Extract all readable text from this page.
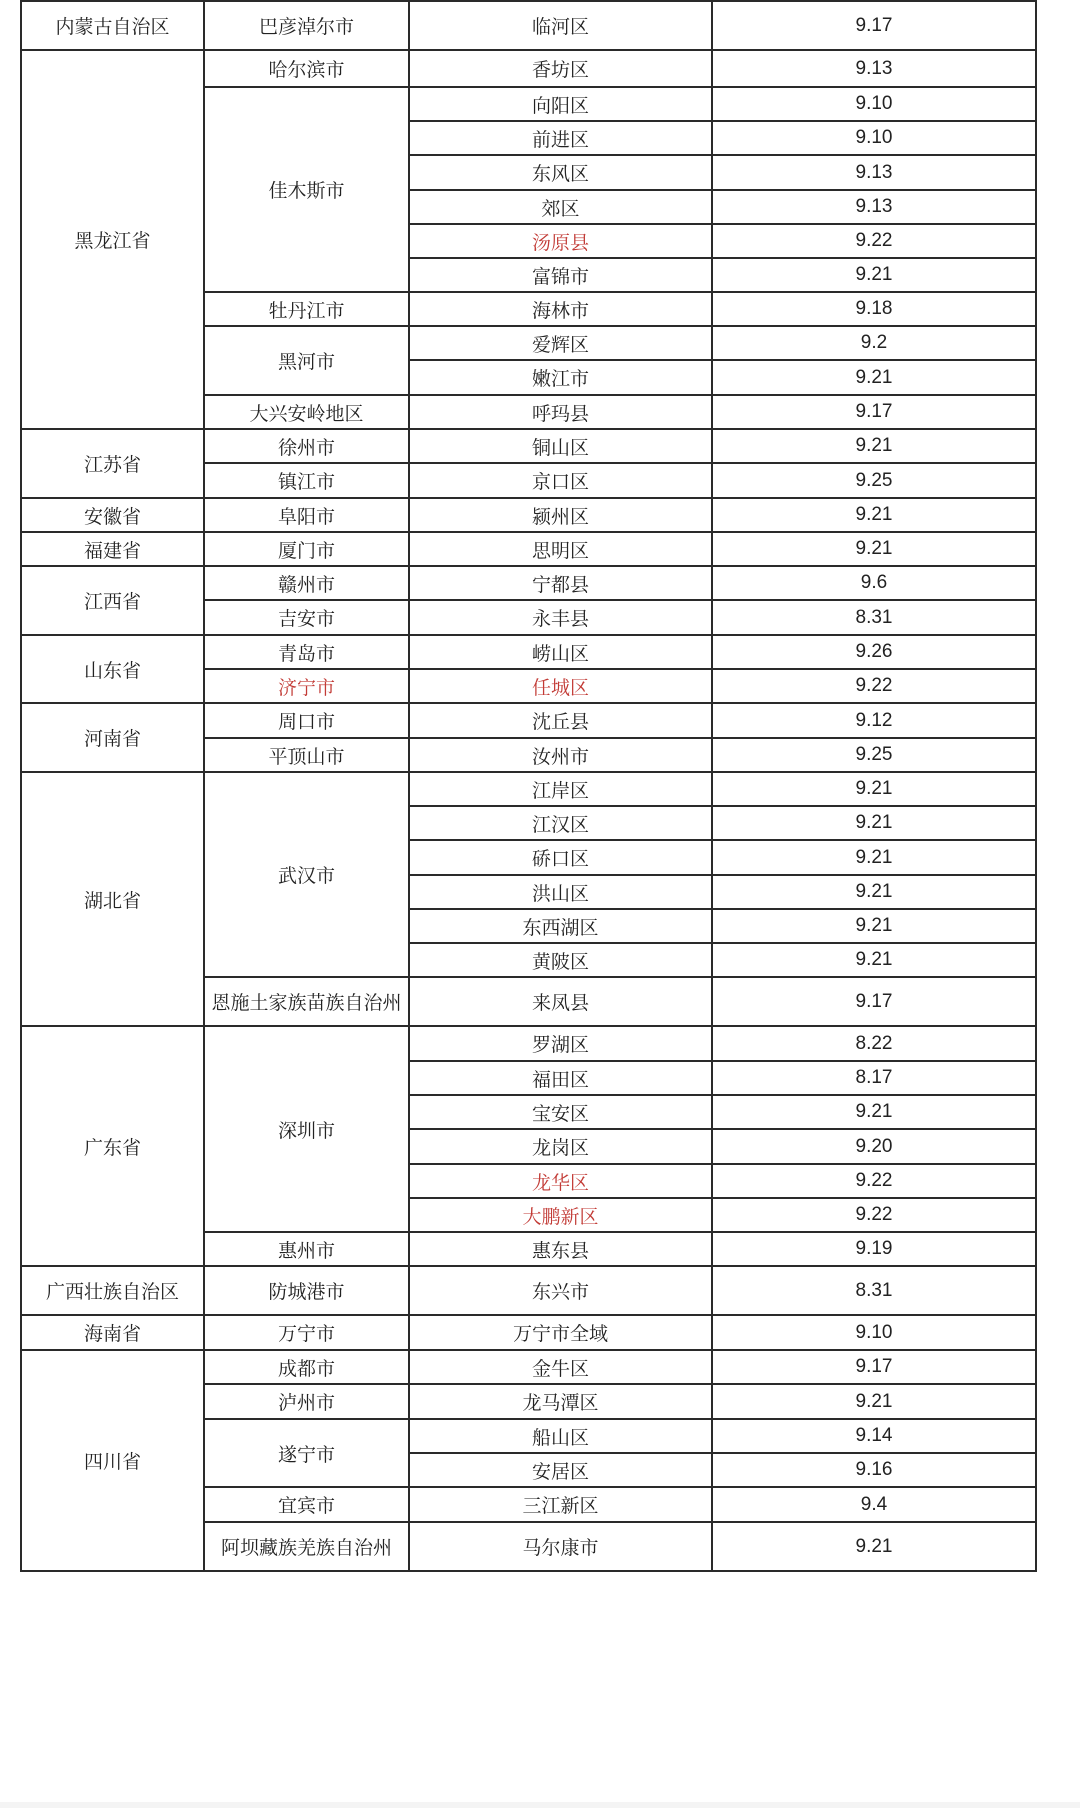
内蒙古自治区	巴彦淖尔市	临河区	9.17
黑龙江省	哈尔滨市	香坊区	9.13
	佳木斯市	向阳区	9.10
		前进区	9.10
		东风区	9.13
		郊区	9.13
		汤原县	9.22
		富锦市	9.21
	牡丹江市	海林市	9.18
	黑河市	爱辉区	9.2
		嫩江市	9.21
	大兴安岭地区	呼玛县	9.17
江苏省	徐州市	铜山区	9.21
	镇江市	京口区	9.25
安徽省	阜阳市	颍州区	9.21
福建省	厦门市	思明区	9.21
江西省	赣州市	宁都县	9.6
	吉安市	永丰县	8.31
山东省	青岛市	崂山区	9.26
	济宁市	任城区	9.22
河南省	周口市	沈丘县	9.12
	平顶山市	汝州市	9.25
湖北省	武汉市	江岸区	9.21
		江汉区	9.21
		硚口区	9.21
		洪山区	9.21
		东西湖区	9.21
		黄陂区	9.21
	恩施土家族苗族自治州	来凤县	9.17
广东省	深圳市	罗湖区	8.22
		福田区	8.17
		宝安区	9.21
		龙岗区	9.20
		龙华区	9.22
		大鹏新区	9.22
	惠州市	惠东县	9.19
广西壮族自治区	防城港市	东兴市	8.31
海南省	万宁市	万宁市全域	9.10
四川省	成都市	金牛区	9.17
	泸州市	龙马潭区	9.21
	遂宁市	船山区	9.14
		安居区	9.16
	宜宾市	三江新区	9.4
	阿坝藏族羌族自治州	马尔康市	9.21
